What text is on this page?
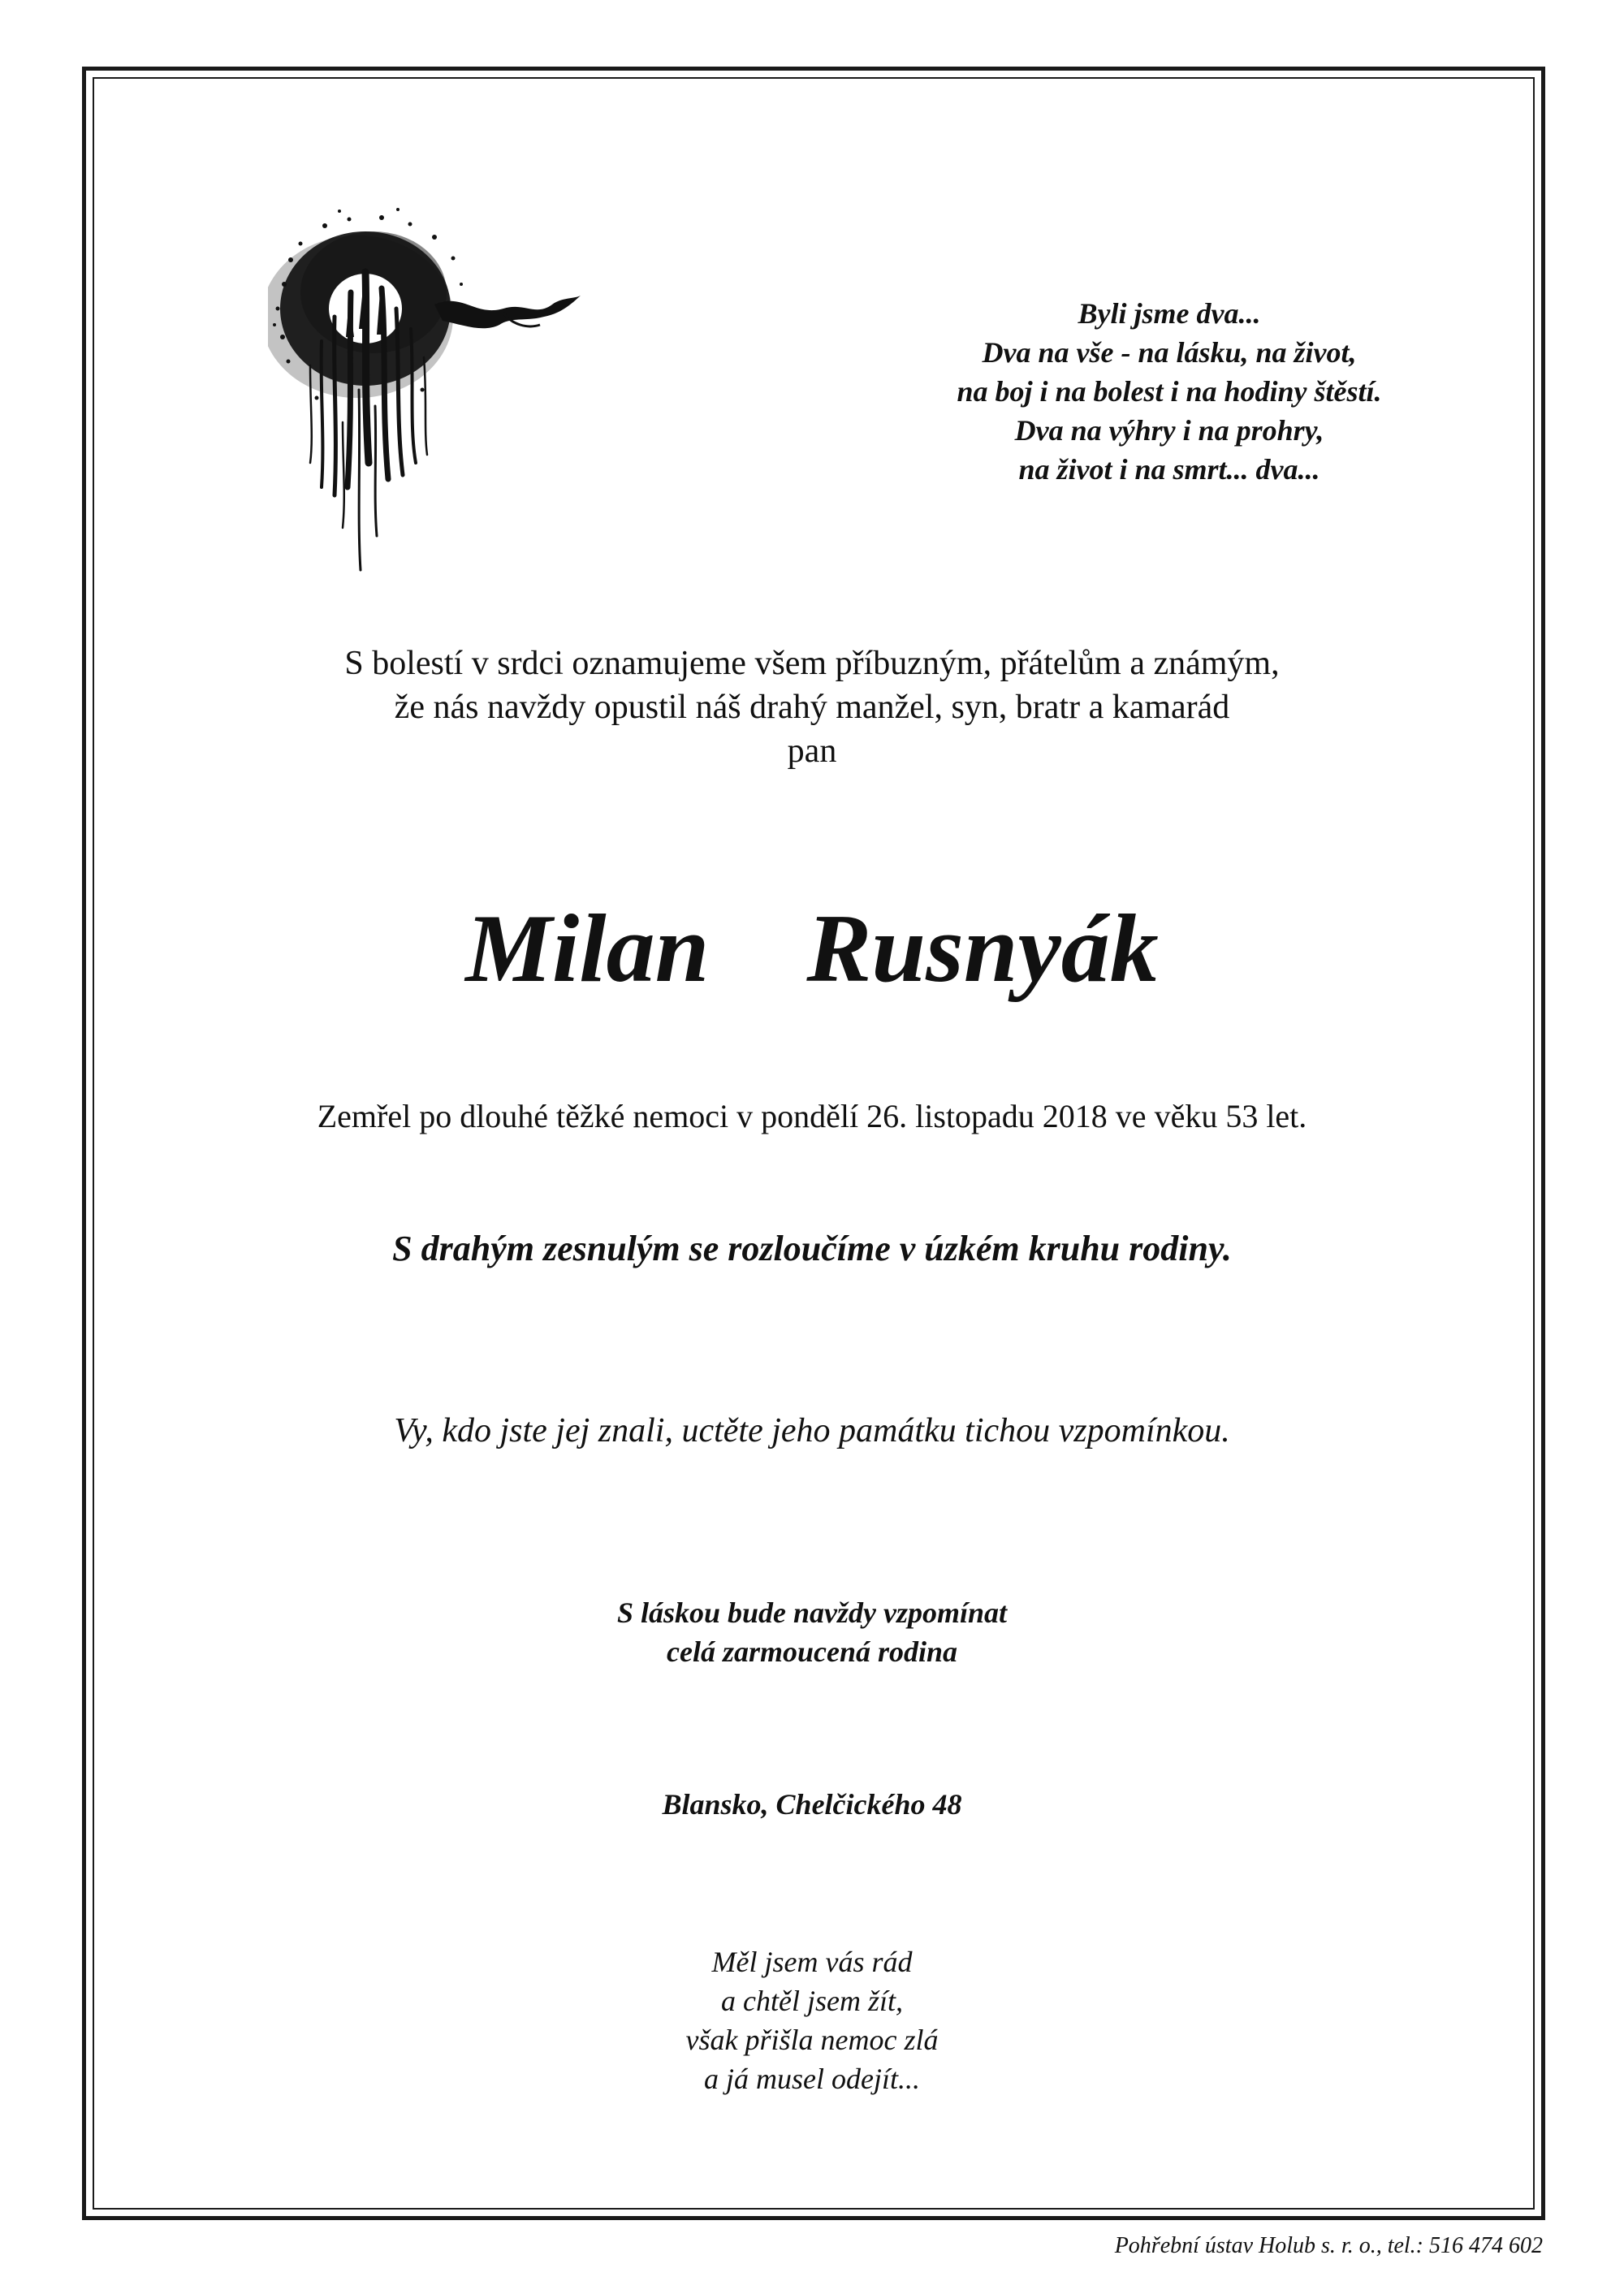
Byli jsme dva...
Dva na vše - na lásku, na život,
na boj i na bolest i na hodiny štěstí.
Dva na výhry i na prohry,
na život i na smrt... dva...
S bolestí v srdci oznamujeme všem příbuzným, přátelům a známým,
že nás navždy opustil náš drahý manžel, syn, bratr a kamarád
pan
Milan  Rusnyák
Zemřel po dlouhé těžké nemoci v pondělí 26. listopadu 2018 ve věku 53 let.
S drahým zesnulým se rozloučíme v úzkém kruhu rodiny.
Vy, kdo jste jej znali, uctěte jeho památku tichou vzpomínkou.
S láskou bude navždy vzpomínat
celá zarmoucená rodina
Blansko, Chelčického 48
Měl jsem vás rád
a chtěl jsem žít,
však přišla nemoc zlá
a já musel odejít...
Pohřební ústav Holub s. r. o., tel.: 516 474 602
